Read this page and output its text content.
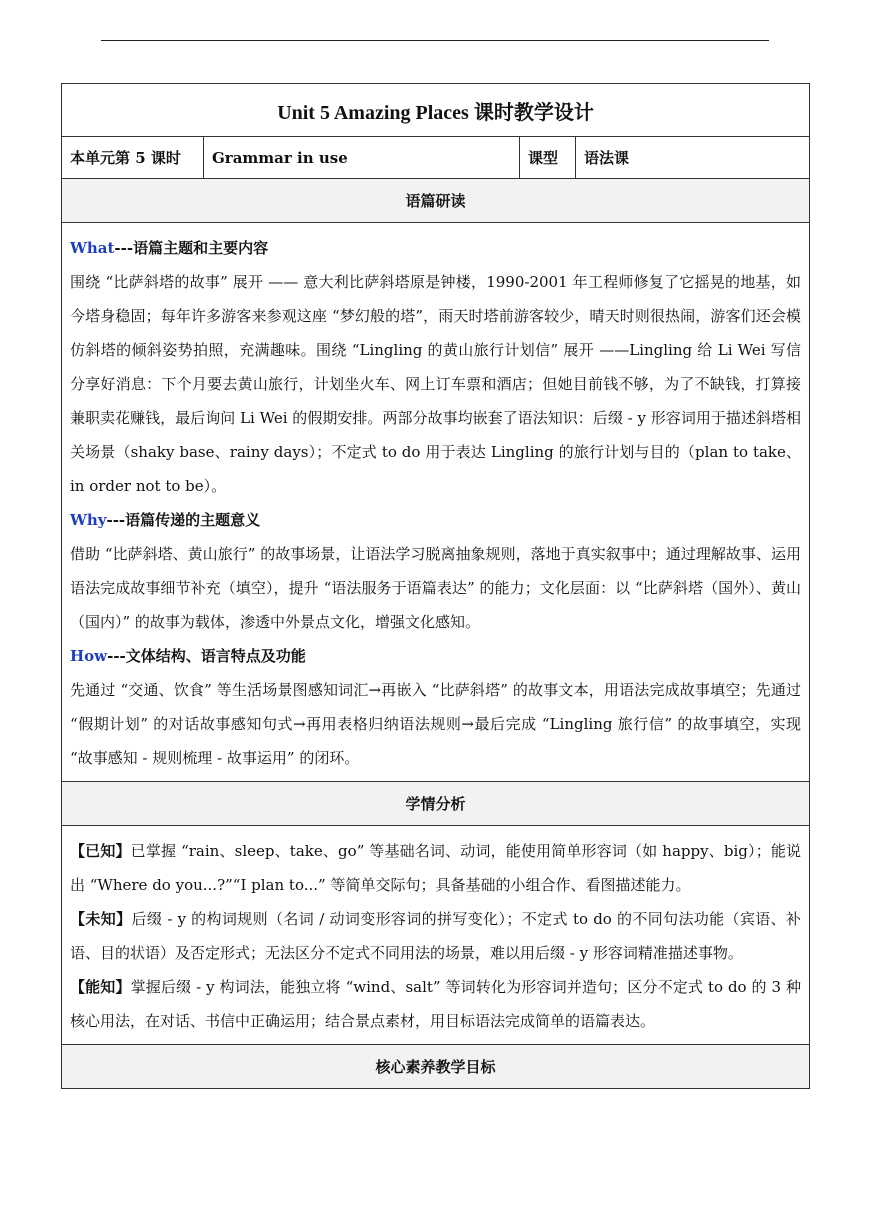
Unit 5 Amazing Places 课时教学设计
本单元第 5 课时	Grammar in use	课型	语法课
语篇研读

What---语篇主题和主要内容

围绕 “比萨斜塔的故事” 展开 —— 意大利比萨斜塔原是钟楼，1990-2001 年工程师修复了它摇晃的地基，如今塔身稳固；每年许多游客来参观这座 “梦幻般的塔”，雨天时塔前游客较少，晴天时则很热闹，游客们还会模仿斜塔的倾斜姿势拍照，充满趣味。围绕 “Lingling 的黄山旅行计划信” 展开 ——Lingling 给 Li Wei 写信分享好消息：下个月要去黄山旅行，计划坐火车、网上订车票和酒店；但她目前钱不够，为了不缺钱，打算接兼职卖花赚钱，最后询问 Li Wei 的假期安排。两部分故事均嵌套了语法知识：后缀 - y 形容词用于描述斜塔相关场景（shaky base、rainy days）；不定式 to do 用于表达 Lingling 的旅行计划与目的（plan to take、in order not to be）。

Why---语篇传递的主题意义

借助 “比萨斜塔、黄山旅行” 的故事场景，让语法学习脱离抽象规则，落地于真实叙事中；通过理解故事、运用语法完成故事细节补充（填空），提升 “语法服务于语篇表达” 的能力；文化层面：以 “比萨斜塔（国外）、黄山（国内）” 的故事为载体，渗透中外景点文化，增强文化感知。

How---文体结构、语言特点及功能

先通过 “交通、饮食” 等生活场景图感知词汇→再嵌入 “比萨斜塔” 的故事文本，用语法完成故事填空；先通过 “假期计划” 的对话故事感知句式→再用表格归纳语法规则→最后完成 “Lingling 旅行信” 的故事填空，实现 “故事感知 - 规则梳理 - 故事运用” 的闭环。

学情分析

【已知】已掌握 “rain、sleep、take、go” 等基础名词、动词，能使用简单形容词（如 happy、big）；能说出 “Where do you...?”“I plan to...” 等简单交际句；具备基础的小组合作、看图描述能力。

【未知】后缀 - y 的构词规则（名词 / 动词变形容词的拼写变化）；不定式 to do 的不同句法功能（宾语、补语、目的状语）及否定形式；无法区分不定式不同用法的场景，难以用后缀 - y 形容词精准描述事物。

【能知】掌握后缀 - y 构词法，能独立将 “wind、salt” 等词转化为形容词并造句；区分不定式 to do 的 3 种核心用法，在对话、书信中正确运用；结合景点素材，用目标语法完成简单的语篇表达。

核心素养教学目标
